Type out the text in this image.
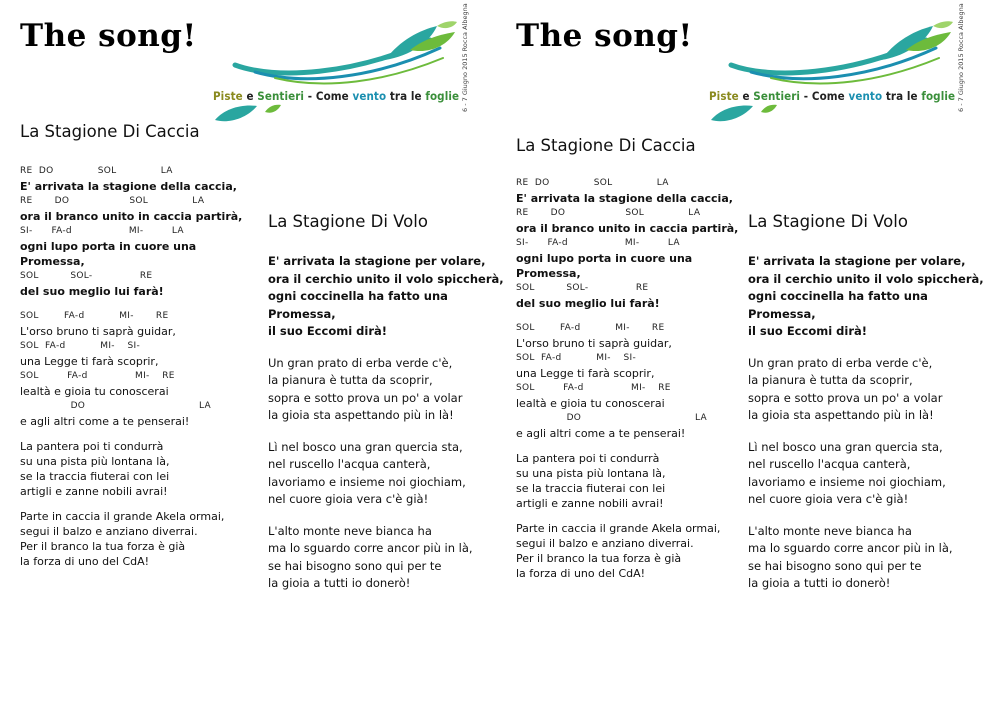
The song!
Piste e Sentieri - Come vento tra le foglie 6 - 7 Giugno 2015 Rocca Albegna
La Stagione Di Caccia
RE  DO              SOL              LA
E' arrivata la stagione della caccia,
RE       DO                   SOL              LA
ora il branco unito in caccia partirà,
SI-      FA-d                  MI-         LA
ogni lupo porta in cuore una
Promessa,
SOL          SOL-               RE
del suo meglio lui farà!
SOL        FA-d           MI-       RE
L'orso bruno ti saprà guidar,
SOL  FA-d           MI-    SI-
una Legge ti farà scoprir,
SOL         FA-d               MI-    RE
lealtà e gioia tu conoscerai
DO                                    LA
e agli altri come a te penserai!
La pantera poi ti condurrà
su una pista più lontana là,
se la traccia fiuterai con lei
artigli e zanne nobili avrai!
Parte in caccia il grande Akela ormai,
segui il balzo e anziano diverrai.
Per il branco la tua forza è già
la forza di uno del CdA!
La Stagione Di Volo
E' arrivata la stagione per volare,
ora il cerchio unito il volo spiccherà,
ogni coccinella ha fatto una
Promessa,
il suo Eccomi dirà!
Un gran prato di erba verde c'è,
la pianura è tutta da scoprir,
sopra e sotto prova un po' a volar
la gioia sta aspettando più in là!
Lì nel bosco una gran quercia sta,
nel ruscello l'acqua canterà,
lavoriamo e insieme noi giochiam,
nel cuore gioia vera c'è già!
L'alto monte neve bianca ha
ma lo sguardo corre ancor più in là,
se hai bisogno sono qui per te
la gioia a tutti io donerò!
The song!
Piste e Sentieri - Come vento tra le foglie 6 - 7 Giugno 2015 Rocca Albegna
La Stagione Di Caccia
RE  DO              SOL              LA
E' arrivata la stagione della caccia,
RE       DO                   SOL              LA
ora il branco unito in caccia partirà,
SI-      FA-d                  MI-         LA
ogni lupo porta in cuore una
Promessa,
SOL          SOL-               RE
del suo meglio lui farà!
SOL        FA-d           MI-       RE
L'orso bruno ti saprà guidar,
SOL  FA-d           MI-    SI-
una Legge ti farà scoprir,
SOL         FA-d               MI-    RE
lealtà e gioia tu conoscerai
DO                                    LA
e agli altri come a te penserai!
La pantera poi ti condurrà
su una pista più lontana là,
se la traccia fiuterai con lei
artigli e zanne nobili avrai!
Parte in caccia il grande Akela ormai,
segui il balzo e anziano diverrai.
Per il branco la tua forza è già
la forza di uno del CdA!
La Stagione Di Volo
E' arrivata la stagione per volare,
ora il cerchio unito il volo spiccherà,
ogni coccinella ha fatto una
Promessa,
il suo Eccomi dirà!
Un gran prato di erba verde c'è,
la pianura è tutta da scoprir,
sopra e sotto prova un po' a volar
la gioia sta aspettando più in là!
Lì nel bosco una gran quercia sta,
nel ruscello l'acqua canterà,
lavoriamo e insieme noi giochiam,
nel cuore gioia vera c'è già!
L'alto monte neve bianca ha
ma lo sguardo corre ancor più in là,
se hai bisogno sono qui per te
la gioia a tutti io donerò!
